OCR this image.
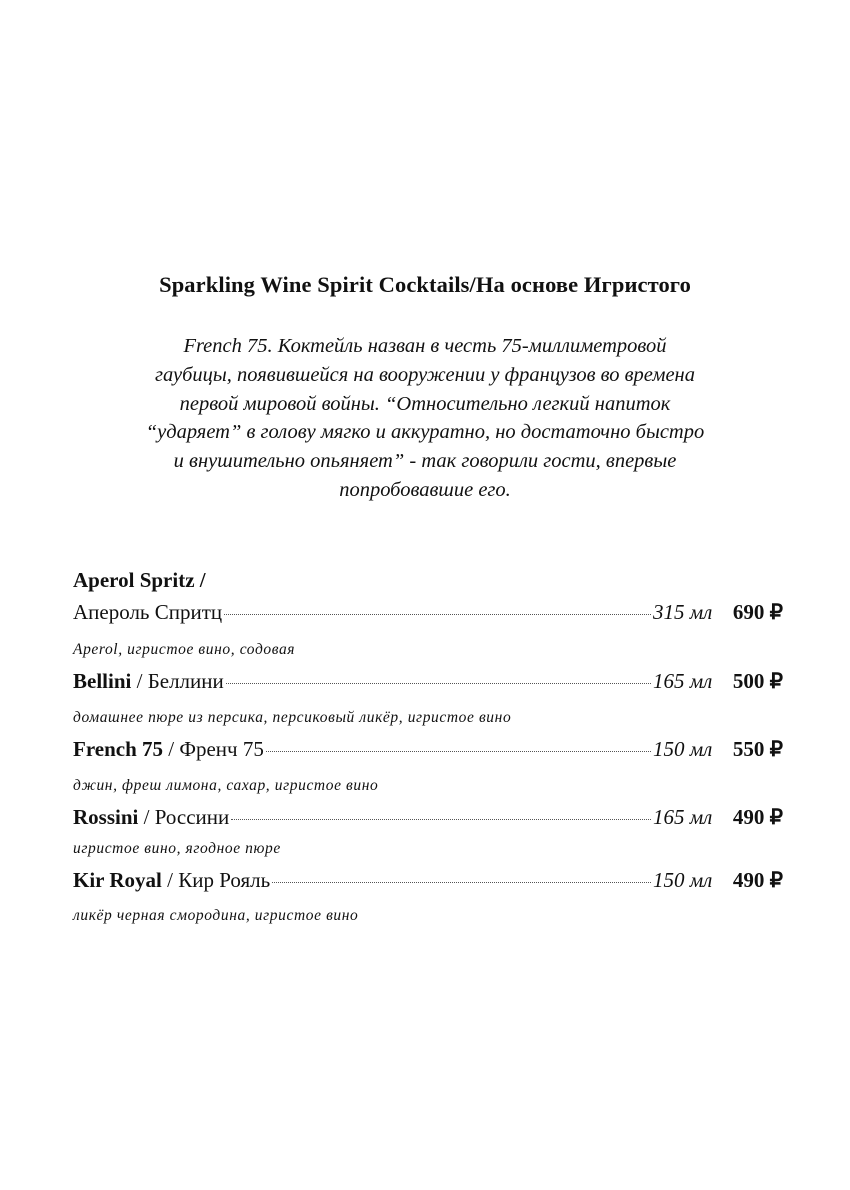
Sparkling Wine Spirit Cocktails/На основе Игристого
French 75. Коктейль назван в честь 75-миллиметровой
гаубицы, появившейся на вооружении у французов во времена
первой мировой войны. “Относительно легкий напиток
“ударяет” в голову мягко и аккуратно, но достаточно быстро
и внушительно опьяняет” - так говорили гости, впервые
попробовавшие его.
Aperol Spritz /
Апероль Спритц	315 мл 690 ₽
Aperol, игристое вино, содовая
Bellini / Беллини	165 мл 500 ₽
домашнее пюре из персика, персиковый ликёр, игристое вино
French 75 / Френч 75	150 мл 550 ₽
джин, фреш лимона, сахар, игристое вино
Rossini / Россини	165 мл 490 ₽
игристое вино, ягодное пюре
Kir Royal / Кир Рояль	150 мл 490 ₽
ликёр черная смородина, игристое вино
